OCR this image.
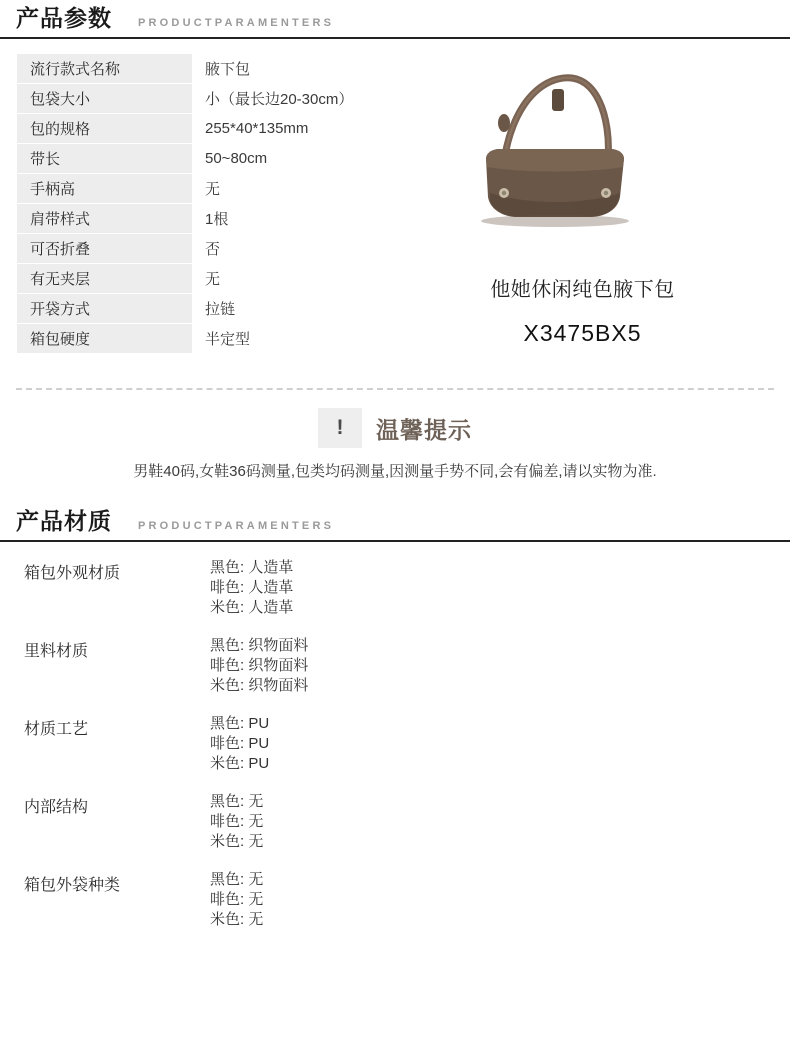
产品参数 PRODUCTPARAMENTERS
流行款式名称	腋下包
包袋大小	小（最长边20-30cm）
包的规格	255*40*135mm
带长	50~80cm
手柄高	无
肩带样式	1根
可否折叠	否
有无夹层	无
开袋方式	拉链
箱包硬度	半定型
他她休闲纯色腋下包
X3475BX5
!	温馨提示
男鞋40码,女鞋36码测量,包类均码测量,因测量手势不同,会有偏差,请以实物为准.
产品材质 PRODUCTPARAMENTERS
箱包外观材质	黑色: 人造革
啡色: 人造革
米色: 人造革
里料材质	黑色: 织物面料
啡色: 织物面料
米色: 织物面料
材质工艺	黑色: PU
啡色: PU
米色: PU
内部结构	黑色: 无
啡色: 无
米色: 无
箱包外袋种类	黑色: 无
啡色: 无
米色: 无
